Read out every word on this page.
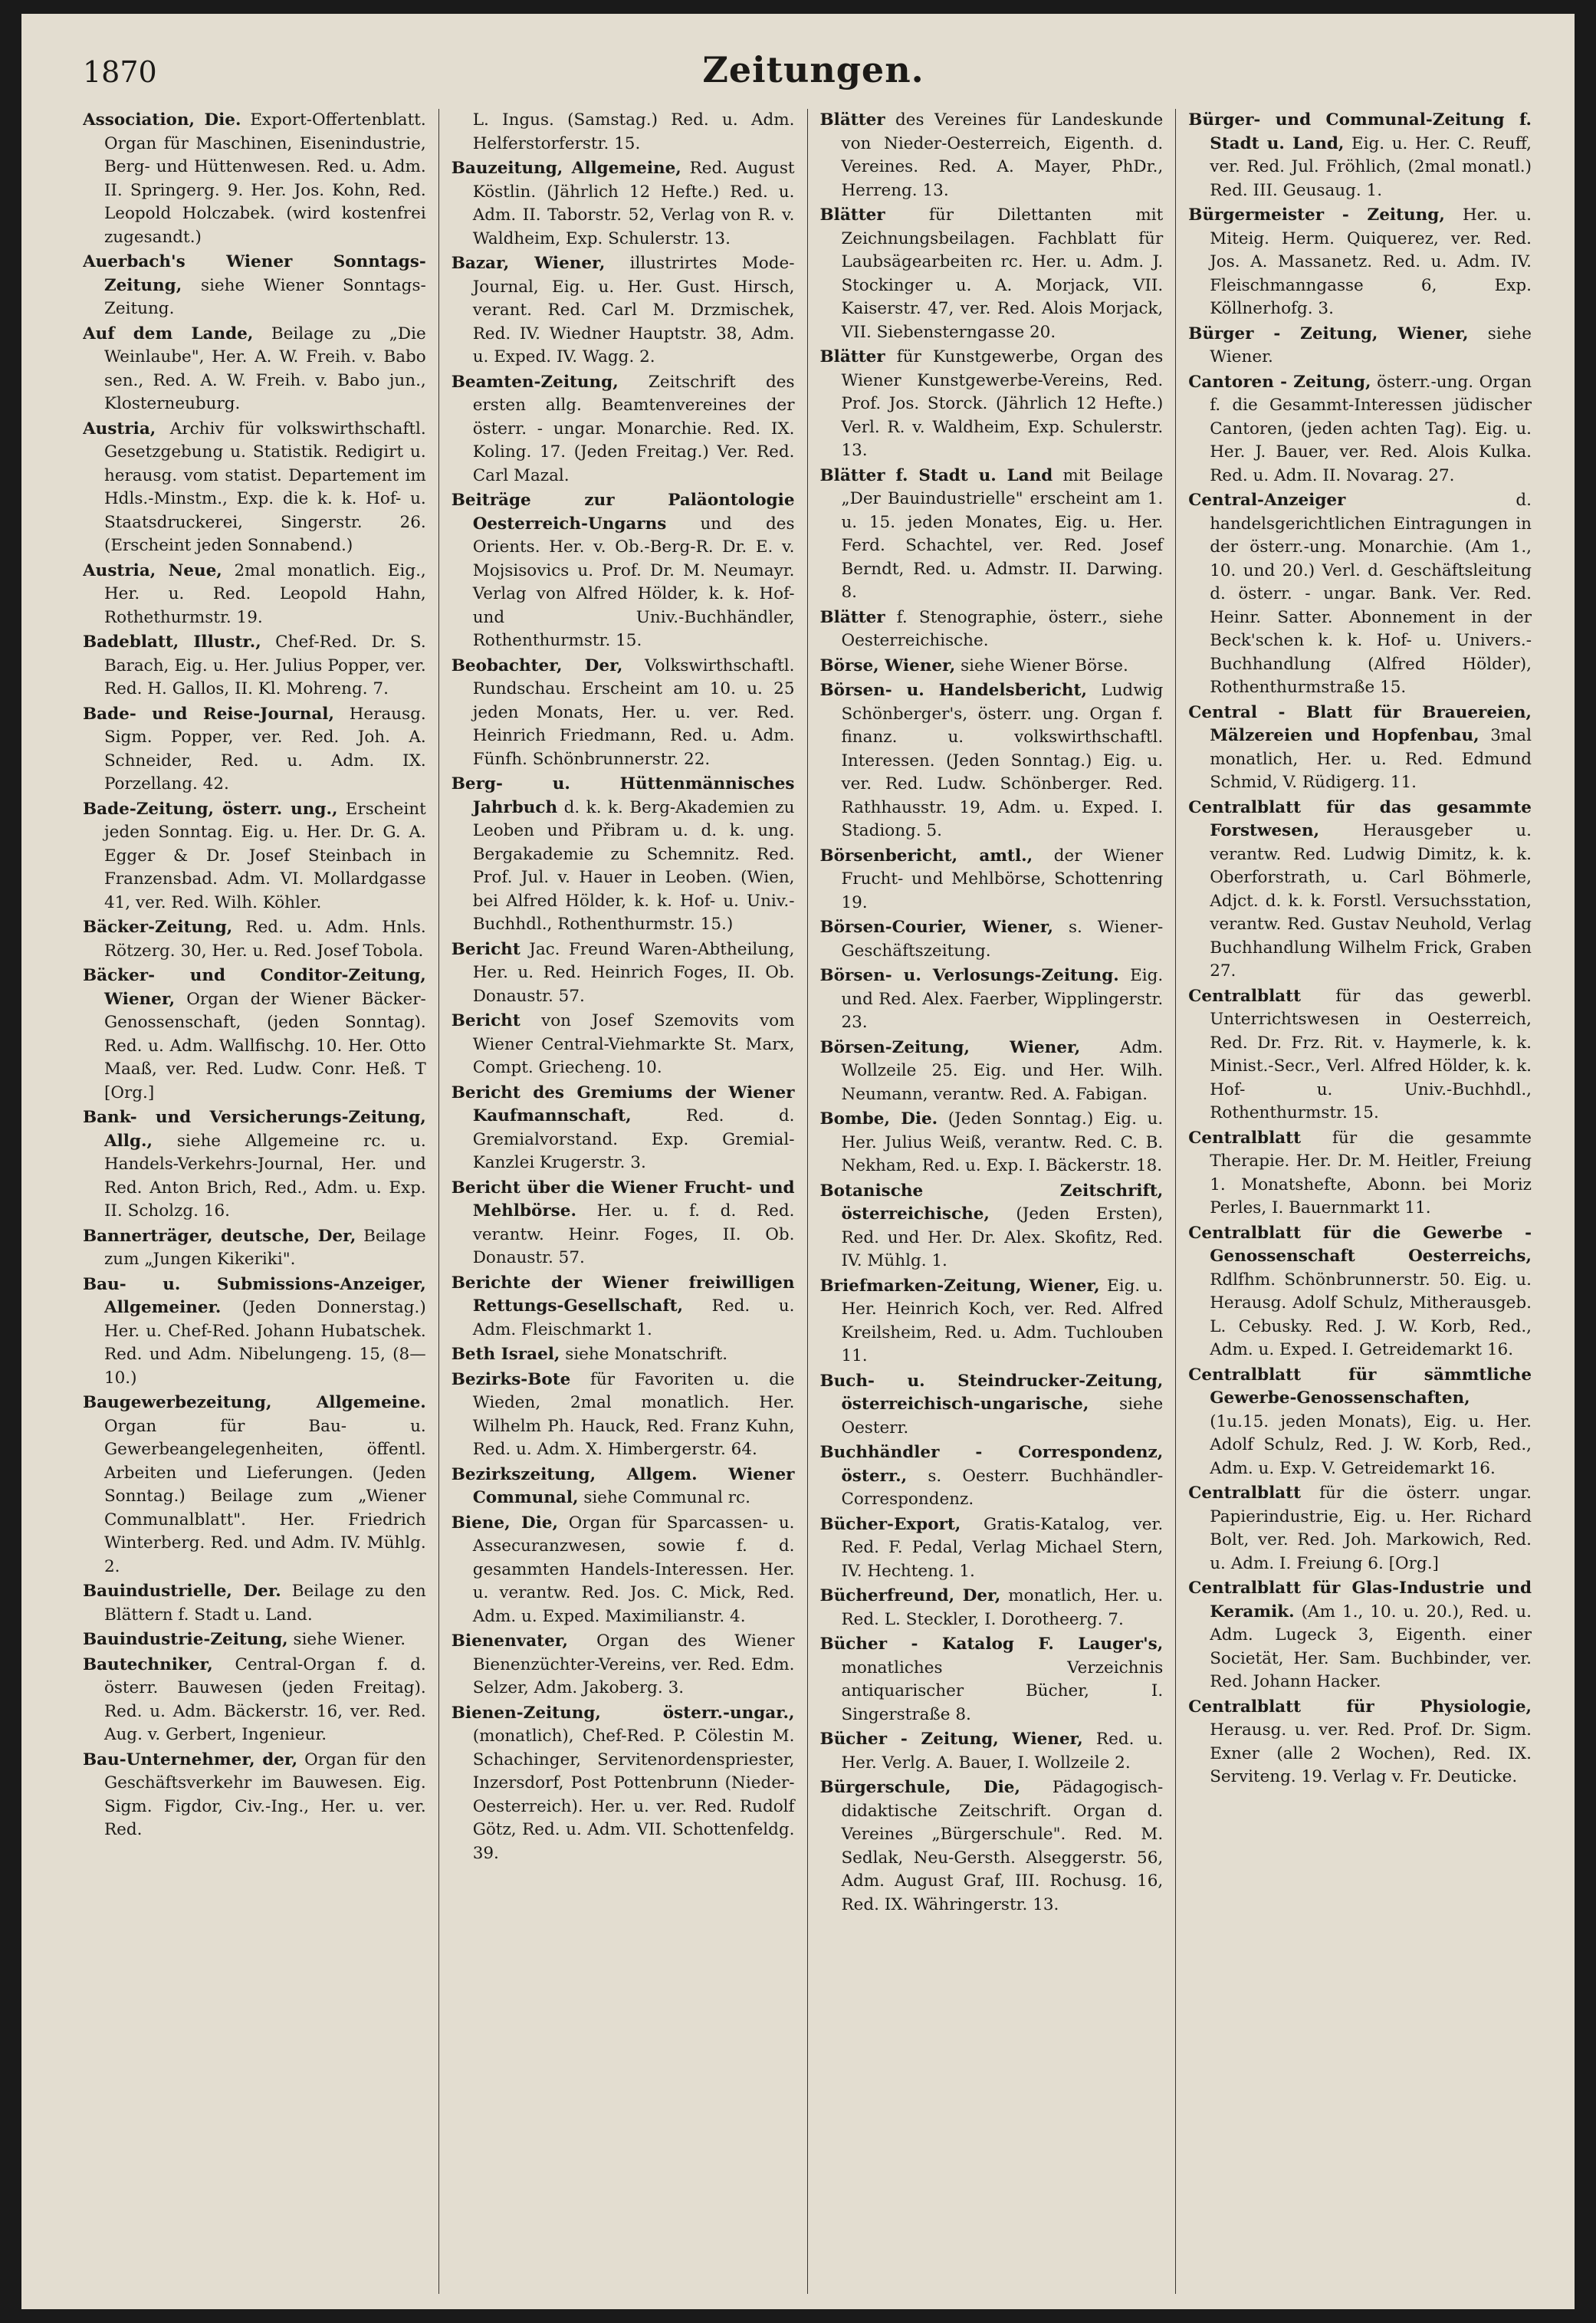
1870	Zeitungen.

Association, Die. Export-Offertenblatt. Organ für Maschinen, Eisenindustrie, Berg- und Hüttenwesen. Red. u. Adm. II. Springerg. 9. Her. Jos. Kohn, Red. Leopold Holczabek. (wird kostenfrei zugesandt.)

Auerbach's Wiener Sonntags-Zeitung, siehe Wiener Sonntags-Zeitung.

Auf dem Lande, Beilage zu „Die Weinlaube", Her. A. W. Freih. v. Babo sen., Red. A. W. Freih. v. Babo jun., Klosterneuburg.

Austria, Archiv für volkswirthschaftl. Gesetzgebung u. Statistik. Redigirt u. herausg. vom statist. Departement im Hdls.-Minstm., Exp. die k. k. Hof- u. Staatsdruckerei, Singerstr. 26. (Erscheint jeden Sonnabend.)

Austria, Neue, 2mal monatlich. Eig., Her. u. Red. Leopold Hahn, Rothethurmstr. 19.

Badeblatt, Illustr., Chef-Red. Dr. S. Barach, Eig. u. Her. Julius Popper, ver. Red. H. Gallos, II. Kl. Mohreng. 7.

Bade- und Reise-Journal, Herausg. Sigm. Popper, ver. Red. Joh. A. Schneider, Red. u. Adm. IX. Porzellang. 42.

Bade-Zeitung, österr. ung., Erscheint jeden Sonntag. Eig. u. Her. Dr. G. A. Egger & Dr. Josef Steinbach in Franzensbad. Adm. VI. Mollardgasse 41, ver. Red. Wilh. Köhler.

Bäcker-Zeitung, Red. u. Adm. Hnls. Rötzerg. 30, Her. u. Red. Josef Tobola.

Bäcker- und Conditor-Zeitung, Wiener, Organ der Wiener Bäcker-Genossenschaft, (jeden Sonntag). Red. u. Adm. Wallfischg. 10. Her. Otto Maaß, ver. Red. Ludw. Conr. Heß. T [Org.]

Bank- und Versicherungs-Zeitung, Allg., siehe Allgemeine rc. u. Handels-Verkehrs-Journal, Her. und Red. Anton Brich, Red., Adm. u. Exp. II. Scholzg. 16.

Bannerträger, deutsche, Der, Beilage zum „Jungen Kikeriki".

Bau- u. Submissions-Anzeiger, Allgemeiner. (Jeden Donnerstag.) Her. u. Chef-Red. Johann Hubatschek. Red. und Adm. Nibelungeng. 15, (8—10.)

Baugewerbezeitung, Allgemeine. Organ für Bau- u. Gewerbeangelegenheiten, öffentl. Arbeiten und Lieferungen. (Jeden Sonntag.) Beilage zum „Wiener Communalblatt". Her. Friedrich Winterberg. Red. und Adm. IV. Mühlg. 2.

Bauindustrielle, Der. Beilage zu den Blättern f. Stadt u. Land.

Bauindustrie-Zeitung, siehe Wiener.

Bautechniker, Central-Organ f. d. österr. Bauwesen (jeden Freitag). Red. u. Adm. Bäckerstr. 16, ver. Red. Aug. v. Gerbert, Ingenieur.

Bau-Unternehmer, der, Organ für den Geschäftsverkehr im Bauwesen. Eig. Sigm. Figdor, Civ.-Ing., Her. u. ver. Red.

L. Ingus. (Samstag.) Red. u. Adm. Helferstorferstr. 15.

Bauzeitung, Allgemeine, Red. August Köstlin. (Jährlich 12 Hefte.) Red. u. Adm. II. Taborstr. 52, Verlag von R. v. Waldheim, Exp. Schulerstr. 13.

Bazar, Wiener, illustrirtes Mode-Journal, Eig. u. Her. Gust. Hirsch, verant. Red. Carl M. Drzmischek, Red. IV. Wiedner Hauptstr. 38, Adm. u. Exped. IV. Wagg. 2.

Beamten-Zeitung, Zeitschrift des ersten allg. Beamtenvereines der österr. - ungar. Monarchie. Red. IX. Koling. 17. (Jeden Freitag.) Ver. Red. Carl Mazal.

Beiträge zur Paläontologie Oesterreich-Ungarns und des Orients. Her. v. Ob.-Berg-R. Dr. E. v. Mojsisovics u. Prof. Dr. M. Neumayr. Verlag von Alfred Hölder, k. k. Hof- und Univ.-Buchhändler, Rothenthurmstr. 15.

Beobachter, Der, Volkswirthschaftl. Rundschau. Erscheint am 10. u. 25 jeden Monats, Her. u. ver. Red. Heinrich Friedmann, Red. u. Adm. Fünfh. Schönbrunnerstr. 22.

Berg- u. Hüttenmännisches Jahrbuch d. k. k. Berg-Akademien zu Leoben und Přibram u. d. k. ung. Bergakademie zu Schemnitz. Red. Prof. Jul. v. Hauer in Leoben. (Wien, bei Alfred Hölder, k. k. Hof- u. Univ.-Buchhdl., Rothenthurmstr. 15.)

Bericht Jac. Freund Waren-Abtheilung, Her. u. Red. Heinrich Foges, II. Ob. Donaustr. 57.

Bericht von Josef Szemovits vom Wiener Central-Viehmarkte St. Marx, Compt. Griecheng. 10.

Bericht des Gremiums der Wiener Kaufmannschaft,	Red. d. Gremialvorstand. Exp. Gremial-Kanzlei Krugerstr. 3.

Bericht über die Wiener Frucht- und Mehlbörse. Her. u. f. d. Red. verantw. Heinr. Foges, II. Ob. Donaustr. 57.

Berichte der Wiener freiwilligen Rettungs-Gesellschaft, Red. u. Adm. Fleischmarkt 1.

Beth Israel, siehe Monatschrift.

Bezirks-Bote für Favoriten u. die Wieden, 2mal monatlich. Her. Wilhelm Ph. Hauck, Red. Franz Kuhn, Red. u. Adm. X. Himbergerstr. 64.

Bezirkszeitung, Allgem. Wiener Communal, siehe Communal rc.

Biene, Die, Organ für Sparcassen- u. Assecuranzwesen, sowie f. d. gesammten Handels-Interessen. Her. u. verantw. Red. Jos. C. Mick, Red. Adm. u. Exped. Maximilianstr. 4.

Bienenvater, Organ des Wiener Bienenzüchter-Vereins, ver. Red. Edm. Selzer, Adm. Jakoberg. 3.

Bienen-Zeitung, österr.-ungar., (monatlich), Chef-Red. P. Cölestin M. Schachinger, Servitenordenspriester, Inzersdorf, Post Pottenbrunn (Nieder-Oesterreich). Her. u. ver. Red. Rudolf Götz, Red. u. Adm. VII. Schottenfeldg. 39.

Blätter des Vereines für Landeskunde von Nieder-Oesterreich, Eigenth. d. Vereines. Red. A. Mayer, PhDr., Herreng. 13.

Blätter	für Dilettanten mit Zeichnungsbeilagen. Fachblatt für Laubsägearbeiten rc. Her. u. Adm. J. Stockinger u. A. Morjack, VII. Kaiserstr. 47, ver. Red. Alois Morjack, VII. Siebensterngasse 20.

Blätter für Kunstgewerbe, Organ des Wiener Kunstgewerbe-Vereins, Red. Prof. Jos. Storck. (Jährlich 12 Hefte.) Verl. R. v. Waldheim, Exp. Schulerstr. 13.

Blätter f. Stadt u. Land mit Beilage „Der Bauindustrielle" erscheint am 1. u. 15. jeden Monates, Eig. u. Her. Ferd. Schachtel, ver. Red. Josef Berndt, Red. u. Admstr. II. Darwing. 8.

Blätter f. Stenographie, österr., siehe Oesterreichische.

Börse, Wiener, siehe Wiener Börse.

Börsen- u. Handelsbericht, Ludwig Schönberger's, österr. ung. Organ f. finanz. u. volkswirthschaftl. Interessen. (Jeden Sonntag.) Eig. u. ver. Red. Ludw. Schönberger. Red. Rathhausstr. 19, Adm. u. Exped. I. Stadiong. 5.

Börsenbericht, amtl., der Wiener Frucht- und Mehlbörse, Schottenring 19.

Börsen-Courier, Wiener, s. Wiener-Geschäftszeitung.

Börsen- u. Verlosungs-Zeitung. Eig. und Red. Alex. Faerber, Wipplingerstr. 23.

Börsen-Zeitung, Wiener, Adm. Wollzeile 25. Eig. und Her. Wilh. Neumann, verantw. Red. A. Fabigan.

Bombe, Die. (Jeden Sonntag.) Eig. u. Her. Julius Weiß, verantw. Red. C. B. Nekham, Red. u. Exp. I. Bäckerstr. 18.

Botanische Zeitschrift, österreichische, (Jeden Ersten), Red. und Her. Dr. Alex. Skofitz, Red. IV. Mühlg. 1.

Briefmarken-Zeitung, Wiener, Eig. u. Her. Heinrich Koch, ver. Red. Alfred Kreilsheim, Red. u. Adm. Tuchlouben 11.

Buch- u. Steindrucker-Zeitung, österreichisch-ungarische, siehe Oesterr.

Buchhändler - Correspondenz, österr., s. Oesterr. Buchhändler-Correspondenz.

Bücher-Export, Gratis-Katalog, ver. Red. F. Pedal, Verlag Michael Stern, IV. Hechteng. 1.

Bücherfreund, Der, monatlich, Her. u. Red. L. Steckler, I. Dorotheerg. 7.

Bücher - Katalog F. Lauger's, monatliches Verzeichnis antiquarischer Bücher, I. Singerstraße 8.

Bücher - Zeitung, Wiener, Red. u. Her. Verlg. A. Bauer, I. Wollzeile 2.

Bürgerschule, Die, Pädagogisch-didaktische Zeitschrift. Organ d. Vereines „Bürgerschule". Red. M. Sedlak, Neu-Gersth. Alseggerstr. 56, Adm. August Graf, III. Rochusg. 16, Red. IX. Währingerstr. 13.

Bürger- und Communal-Zeitung f. Stadt u. Land, Eig. u. Her. C. Reuff, ver. Red. Jul. Fröhlich, (2mal monatl.) Red. III. Geusaug. 1.

Bürgermeister - Zeitung, Her. u. Miteig. Herm. Quiquerez, ver. Red. Jos. A. Massanetz. Red. u. Adm. IV. Fleischmanngasse 6, Exp. Köllnerhofg. 3.

Bürger - Zeitung, Wiener, siehe Wiener.

Cantoren - Zeitung, österr.-ung. Organ f. die Gesammt-Interessen jüdischer Cantoren, (jeden achten Tag). Eig. u. Her. J. Bauer, ver. Red. Alois Kulka. Red. u. Adm. II. Novarag. 27.

Central-Anzeiger	d. handelsgerichtlichen Eintragungen in der österr.-ung. Monarchie. (Am 1., 10. und 20.) Verl. d. Geschäftsleitung d. österr. - ungar. Bank. Ver. Red. Heinr. Satter. Abonnement in der Beck'schen k. k. Hof- u. Univers.-Buchhandlung (Alfred Hölder), Rothenthurmstraße 15.

Central - Blatt für Brauereien, Mälzereien und Hopfenbau, 3mal monatlich, Her. u. Red. Edmund Schmid, V. Rüdigerg. 11.

Centralblatt für das gesammte Forstwesen,	Herausgeber u. verantw. Red. Ludwig Dimitz, k. k. Oberforstrath, u. Carl Böhmerle, Adjct. d. k. k. Forstl. Versuchsstation, verantw. Red. Gustav Neuhold, Verlag Buchhandlung Wilhelm Frick, Graben 27.

Centralblatt für das gewerbl. Unterrichtswesen in Oesterreich, Red. Dr. Frz. Rit. v. Haymerle, k. k. Minist.-Secr., Verl. Alfred Hölder, k. k. Hof- u. Univ.-Buchhdl., Rothenthurmstr. 15.

Centralblatt für die gesammte Therapie. Her. Dr. M. Heitler, Freiung 1. Monatshefte, Abonn. bei Moriz Perles, I. Bauernmarkt 11.

Centralblatt für die Gewerbe - Genossenschaft Oesterreichs, Rdlfhm. Schönbrunnerstr. 50. Eig. u. Herausg. Adolf Schulz, Mitherausgeb. L. Cebusky. Red. J. W. Korb, Red., Adm. u. Exped. I. Getreidemarkt 16.

Centralblatt für sämmtliche Gewerbe-Genossenschaften, (1u.15. jeden Monats), Eig. u. Her. Adolf Schulz, Red. J. W. Korb, Red., Adm. u. Exp. V. Getreidemarkt 16.

Centralblatt für die österr. ungar. Papierindustrie, Eig. u. Her. Richard Bolt, ver. Red. Joh. Markowich, Red. u. Adm. I. Freiung 6. [Org.]

Centralblatt für Glas-Industrie und Keramik. (Am 1., 10. u. 20.), Red. u. Adm. Lugeck 3, Eigenth. einer Societät, Her. Sam. Buchbinder, ver. Red. Johann Hacker.

Centralblatt für Physiologie, Herausg. u. ver. Red. Prof. Dr. Sigm. Exner (alle 2 Wochen), Red. IX. Serviteng. 19. Verlag v. Fr. Deuticke.
